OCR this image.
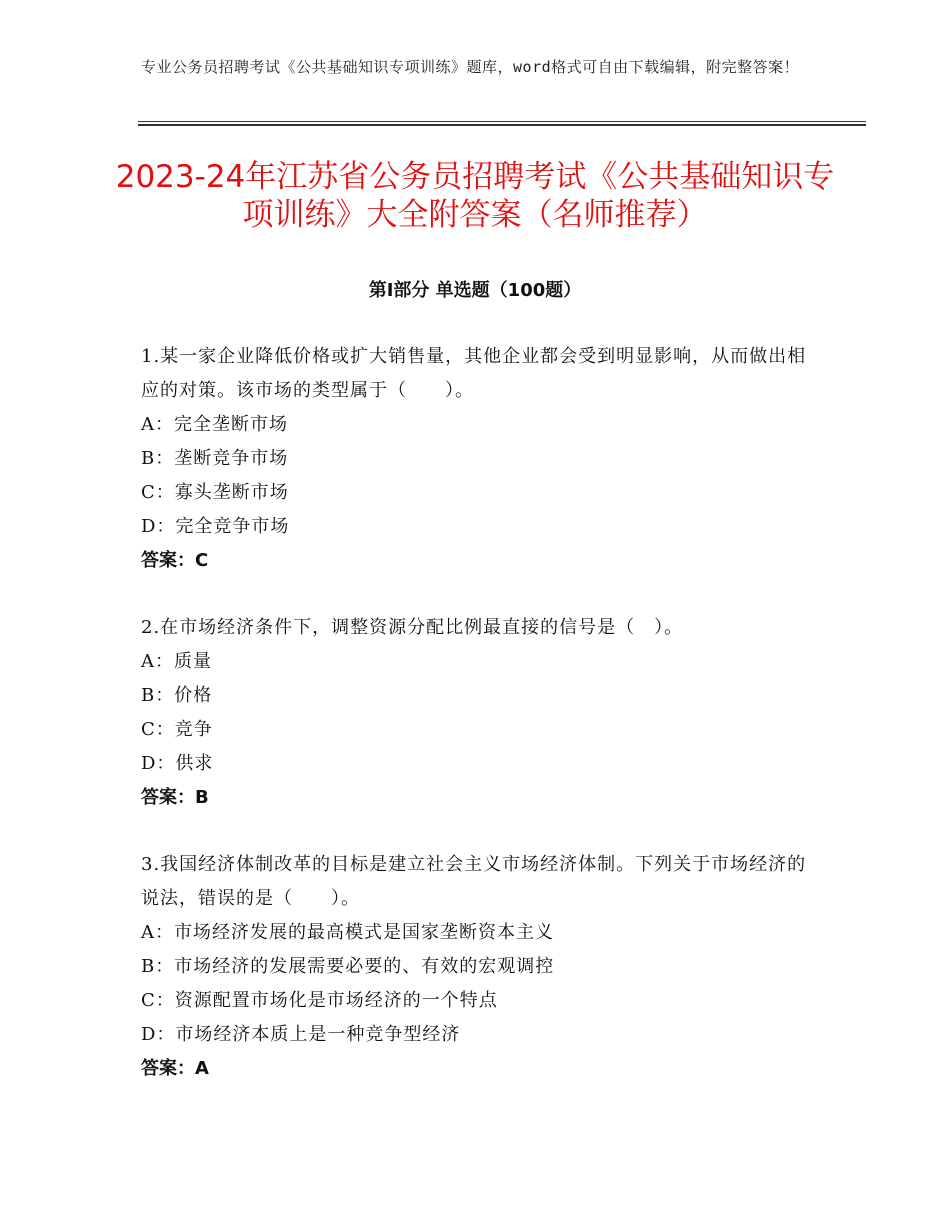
专业公务员招聘考试《公共基础知识专项训练》题库，word格式可自由下载编辑，附完整答案！
2023-24年江苏省公务员招聘考试《公共基础知识专项训练》大全附答案（名师推荐）
第Ⅰ部分 单选题（100题）
1.某一家企业降低价格或扩大销售量，其他企业都会受到明显影响，从而做出相应的对策。该市场的类型属于（　　）。
A：完全垄断市场
B：垄断竞争市场
C：寡头垄断市场
D：完全竞争市场
答案：C
2.在市场经济条件下，调整资源分配比例最直接的信号是（　）。
A：质量
B：价格
C：竞争
D：供求
答案：B
3.我国经济体制改革的目标是建立社会主义市场经济体制。下列关于市场经济的说法，错误的是（　　）。
A：市场经济发展的最高模式是国家垄断资本主义
B：市场经济的发展需要必要的、有效的宏观调控
C：资源配置市场化是市场经济的一个特点
D：市场经济本质上是一种竞争型经济
答案：A
